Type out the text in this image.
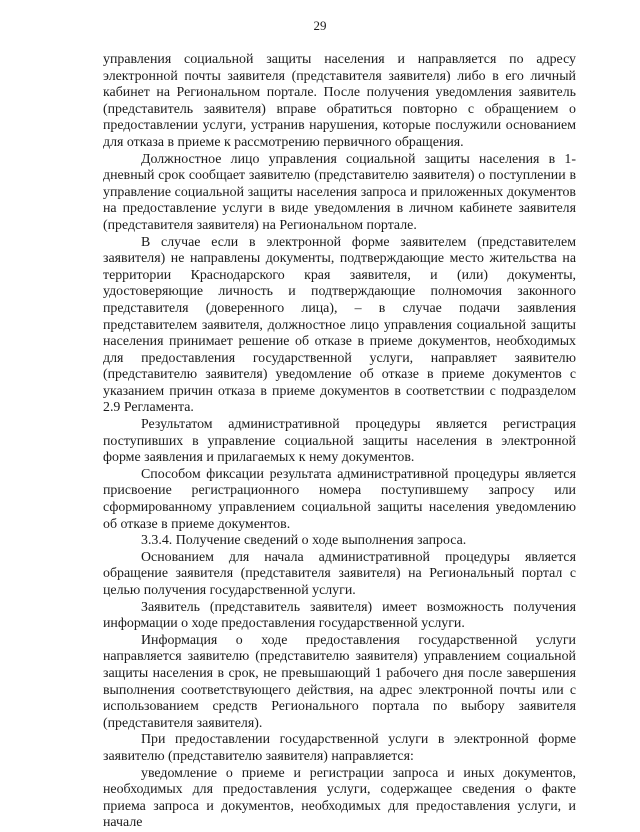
29

управления социальной защиты населения и направляется по адресу электронной почты заявителя (представителя заявителя) либо в его личный кабинет на Региональном портале. После получения уведомления заявитель (представитель заявителя) вправе обратиться повторно с обращением о предоставлении услуги, устранив нарушения, которые послужили основанием для отказа в приеме к рассмотрению первичного обращения.

Должностное лицо управления социальной защиты населения в 1-дневный срок сообщает заявителю (представителю заявителя) о поступлении в управление социальной защиты населения запроса и приложенных документов на предоставление услуги в виде уведомления в личном кабинете заявителя (представителя заявителя) на Региональном портале.

В случае если в электронной форме заявителем (представителем заявителя) не направлены документы, подтверждающие место жительства на территории Краснодарского края заявителя, и (или) документы, удостоверяющие личность и подтверждающие полномочия законного представителя (доверенного лица), – в случае подачи заявления представителем заявителя, должностное лицо управления социальной защиты населения принимает решение об отказе в приеме документов, необходимых для предоставления государственной услуги, направляет заявителю (представителю заявителя) уведомление об отказе в приеме документов с указанием причин отказа в приеме документов в соответствии с подразделом 2.9 Регламента.

Результатом административной процедуры является регистрация поступивших в управление социальной защиты населения в электронной форме заявления и прилагаемых к нему документов.

Способом фиксации результата административной процедуры является присвоение регистрационного номера поступившему запросу или сформированному управлением социальной защиты населения уведомлению об отказе в приеме документов.

3.3.4. Получение сведений о ходе выполнения запроса.

Основанием для начала административной процедуры является обращение заявителя (представителя заявителя) на Региональный портал с целью получения государственной услуги.

Заявитель (представитель заявителя) имеет возможность получения информации о ходе предоставления государственной услуги.

Информация о ходе предоставления государственной услуги направляется заявителю (представителю заявителя) управлением социальной защиты населения в срок, не превышающий 1 рабочего дня после завершения выполнения соответствующего действия, на адрес электронной почты или с использованием средств Регионального портала по выбору заявителя (представителя заявителя).

При предоставлении государственной услуги в электронной форме заявителю (представителю заявителя) направляется:

уведомление о приеме и регистрации запроса и иных документов, необходимых для предоставления услуги, содержащее сведения о факте приема запроса и документов, необходимых для предоставления услуги, и начале
